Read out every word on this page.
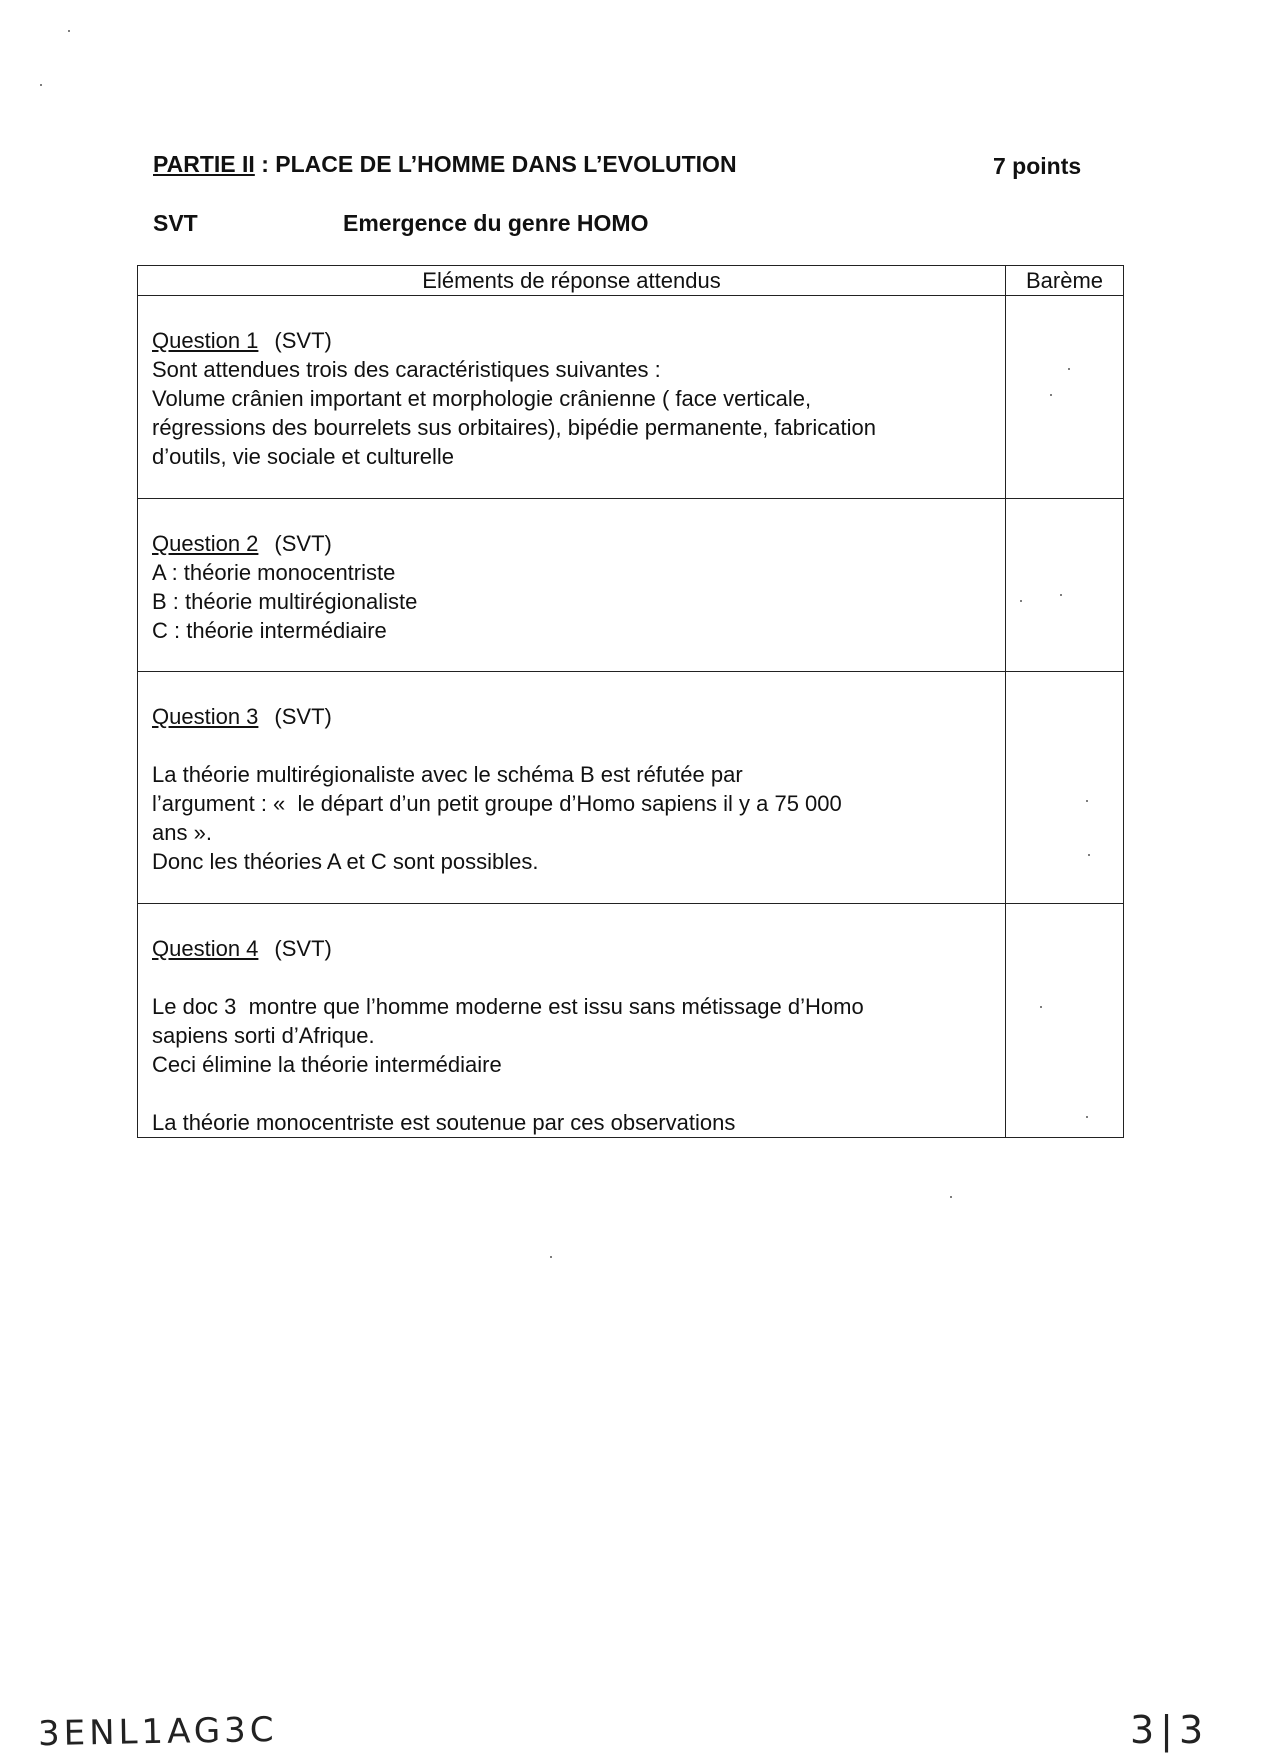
PARTIE II : PLACE DE L’HOMME DANS L’EVOLUTION	7 points
SVT	Emergence du genre HOMO
Eléments de réponse attendus	Barème

Question 1 (SVT)
Sont attendues trois des caractéristiques suivantes :
Volume crânien important et morphologie crânienne ( face verticale,
régressions des bourrelets sus orbitaires), bipédie permanente, fabrication
d’outils, vie sociale et culturelle	

Question 2 (SVT)
A : théorie monocentriste
B : théorie multirégionaliste
C : théorie intermédiaire	

Question 3 (SVT)
La théorie multirégionaliste avec le schéma B est réfutée par
l’argument : «  le départ d’un petit groupe d’Homo sapiens il y a 75 000
ans ».
Donc les théories A et C sont possibles.	

Question 4 (SVT)
Le doc 3  montre que l’homme moderne est issu sans métissage d’Homo
sapiens sorti d’Afrique.
Ceci élimine la théorie intermédiaire
La théorie monocentriste est soutenue par ces observations	

3ENL1AG3C	3|3
